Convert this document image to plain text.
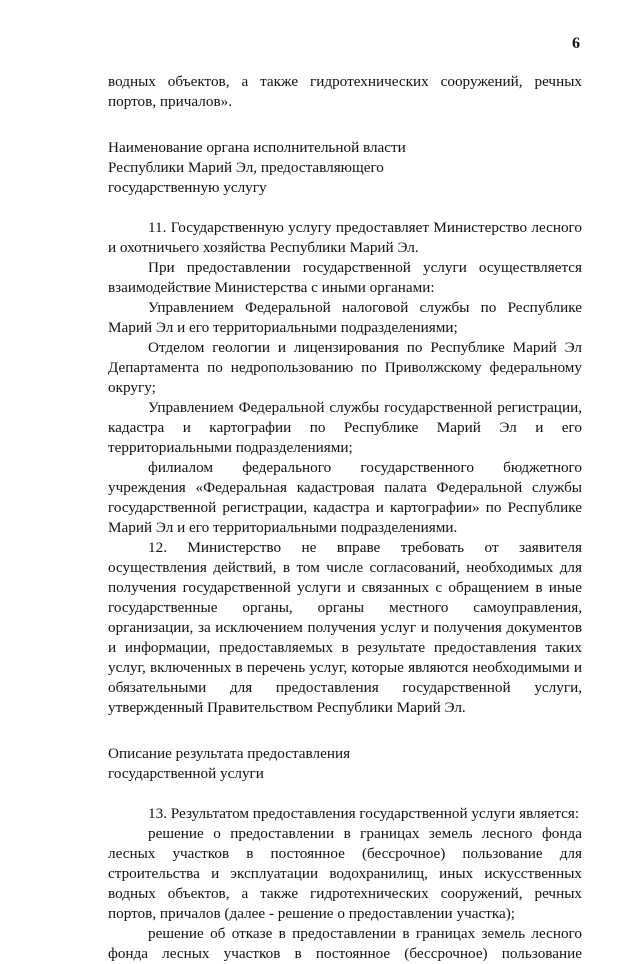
6

водных объектов, а также гидротехнических сооружений, речных

портов, причалов».

Наименование органа исполнительной власти

Республики Марий Эл, предоставляющего

государственную услугу

11. Государственную услугу предоставляет Министерство лесного и охотничьего хозяйства Республики Марий Эл.

При предоставлении государственной услуги осуществляется взаимодействие Министерства с иными органами:

Управлением Федеральной налоговой службы по Республике Марий Эл и его территориальными подразделениями;

Отделом геологии и лицензирования по Республике Марий Эл Департамента по недропользованию по Приволжскому федеральному округу;

Управлением Федеральной службы государственной регистрации, кадастра и картографии по Республике Марий Эл и его территориальными подразделениями;

филиалом федерального государственного бюджетного учреждения «Федеральная кадастровая палата Федеральной службы государственной регистрации, кадастра и картографии» по Республике Марий Эл и его территориальными подразделениями.

12. Министерство не вправе требовать от заявителя осуществления действий, в том числе согласований, необходимых для получения государственной услуги и связанных с обращением в иные государственные органы, органы местного самоуправления, организации, за исключением получения услуг и получения документов и информации, предоставляемых в результате предоставления таких услуг, включенных в перечень услуг, которые являются необходимыми и обязательными для предоставления государственной услуги, утвержденный Правительством Республики Марий Эл.

Описание результата предоставления

государственной услуги

13. Результатом предоставления государственной услуги является:

решение о предоставлении в границах земель лесного фонда лесных участков в постоянное (бессрочное) пользование для строительства и эксплуатации водохранилищ, иных искусственных водных объектов, а также гидротехнических сооружений, речных портов, причалов (далее - решение о предоставлении участка);

решение об отказе в предоставлении в границах земель лесного фонда лесных участков в постоянное (бессрочное) пользование
